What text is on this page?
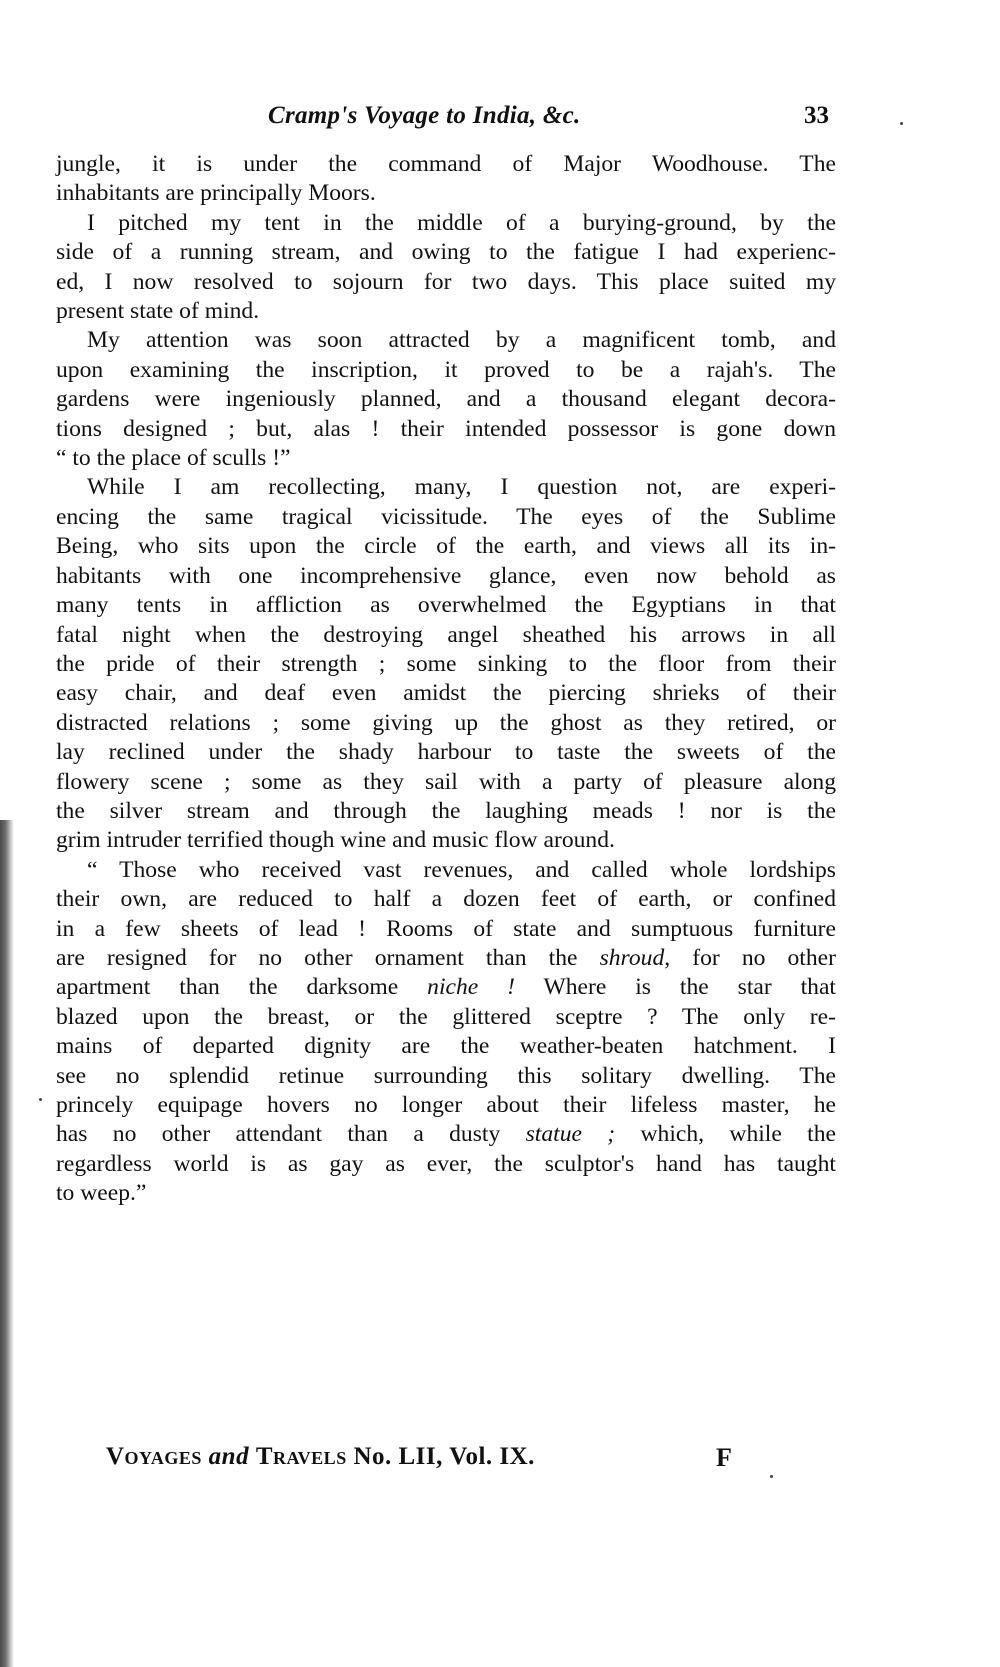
Cramp's Voyage to India, &c.	33
jungle, it is under the command of Major Woodhouse. The
inhabitants are principally Moors.
I pitched my tent in the middle of a burying-ground, by the
side of a running stream, and owing to the fatigue I had experienc-
ed, I now resolved to sojourn for two days. This place suited my
present state of mind.
My attention was soon attracted by a magnificent tomb, and
upon examining the inscription, it proved to be a rajah's. The
gardens were ingeniously planned, and a thousand elegant decora-
tions designed ; but, alas ! their intended possessor is gone down
“ to the place of sculls !”
While I am recollecting, many, I question not, are experi-
encing the same tragical vicissitude. The eyes of the Sublime
Being, who sits upon the circle of the earth, and views all its in-
habitants with one incomprehensive glance, even now behold as
many tents in affliction as overwhelmed the Egyptians in that
fatal night when the destroying angel sheathed his arrows in all
the pride of their strength ; some sinking to the floor from their
easy chair, and deaf even amidst the piercing shrieks of their
distracted relations ; some giving up the ghost as they retired, or
lay reclined under the shady harbour to taste the sweets of the
flowery scene ; some as they sail with a party of pleasure along
the silver stream and through the laughing meads ! nor is the
grim intruder terrified though wine and music flow around.
“ Those who received vast revenues, and called whole lordships
their own, are reduced to half a dozen feet of earth, or confined
in a few sheets of lead ! Rooms of state and sumptuous furniture
are resigned for no other ornament than the shroud, for no other
apartment than the darksome niche ! Where is the star that
blazed upon the breast, or the glittered sceptre ? The only re-
mains of departed dignity are the weather-beaten hatchment. I
see no splendid retinue surrounding this solitary dwelling. The
princely equipage hovers no longer about their lifeless master, he
has no other attendant than a dusty statue ; which, while the
regardless world is as gay as ever, the sculptor's hand has taught
to weep.”
Voyages and Travels No. LII, Vol. IX.	F
